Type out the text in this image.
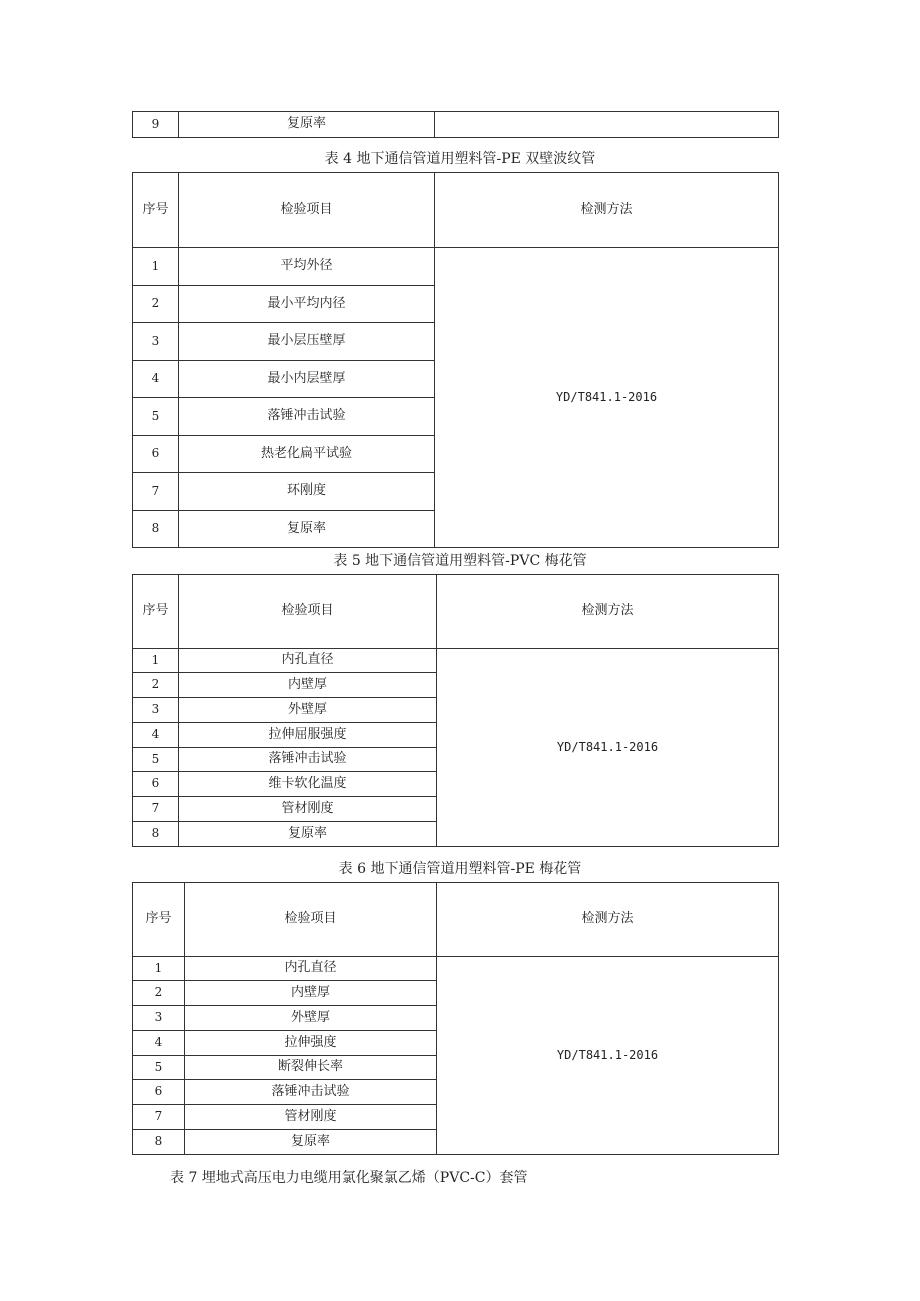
9	复原率	
表 4 地下通信管道用塑料管-PE 双壁波纹管
序号	检验项目	检测方法
1	平均外径	YD/T841.1-2016
2	最小平均内径	
3	最小层压壁厚	
4	最小内层壁厚	
5	落锤冲击试验	
6	热老化扁平试验	
7	环刚度	
8	复原率	
表 5 地下通信管道用塑料管-PVC 梅花管
序号	检验项目	检测方法
1	内孔直径	YD/T841.1-2016
2	内壁厚	
3	外壁厚	
4	拉伸屈服强度	
5	落锤冲击试验	
6	维卡软化温度	
7	管材刚度	
8	复原率	
表 6 地下通信管道用塑料管-PE 梅花管
序号	检验项目	检测方法
1	内孔直径	YD/T841.1-2016
2	内壁厚	
3	外壁厚	
4	拉伸强度	
5	断裂伸长率	
6	落锤冲击试验	
7	管材刚度	
8	复原率	
表 7 埋地式高压电力电缆用氯化聚氯乙烯（PVC-C）套管
